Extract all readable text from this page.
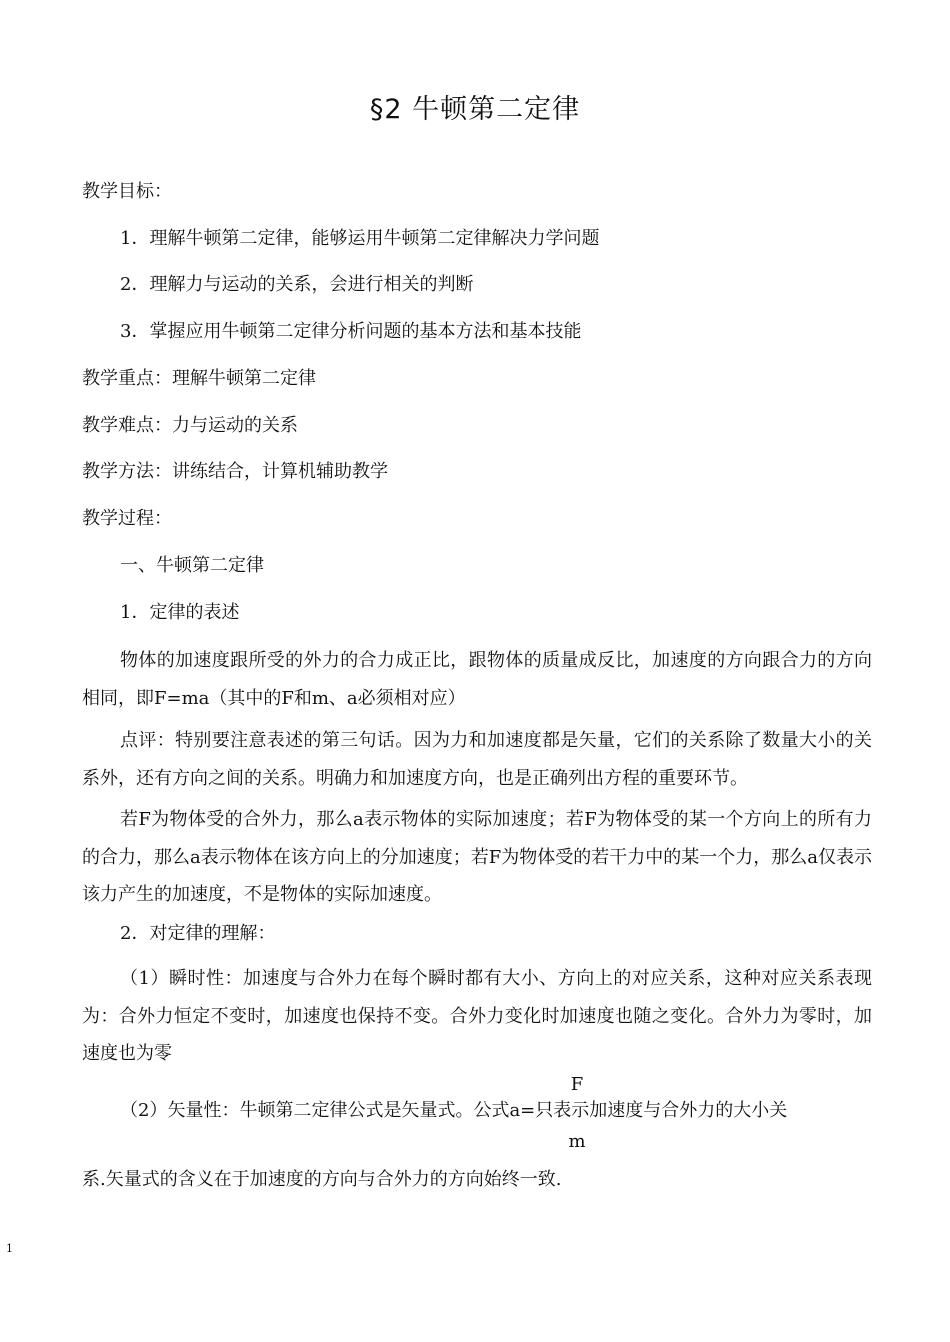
§2 牛顿第二定律
教学目标：
1．理解牛顿第二定律，能够运用牛顿第二定律解决力学问题
2．理解力与运动的关系，会进行相关的判断
3．掌握应用牛顿第二定律分析问题的基本方法和基本技能
教学重点：理解牛顿第二定律
教学难点：力与运动的关系
教学方法：讲练结合，计算机辅助教学
教学过程：
一、牛顿第二定律
1．定律的表述
物体的加速度跟所受的外力的合力成正比，跟物体的质量成反比，加速度的方向跟合力的方向相同，即F=ma（其中的F和m、a必须相对应）
点评：特别要注意表述的第三句话。因为力和加速度都是矢量，它们的关系除了数量大小的关系外，还有方向之间的关系。明确力和加速度方向，也是正确列出方程的重要环节。
若F为物体受的合外力，那么a表示物体的实际加速度；若F为物体受的某一个方向上的所有力的合力，那么a表示物体在该方向上的分加速度；若F为物体受的若干力中的某一个力，那么a仅表示该力产生的加速度，不是物体的实际加速度。
2．对定律的理解：
（1）瞬时性：加速度与合外力在每个瞬时都有大小、方向上的对应关系，这种对应关系表现为：合外力恒定不变时，加速度也保持不变。合外力变化时加速度也随之变化。合外力为零时，加速度也为零
F
（2）矢量性：牛顿第二定律公式是矢量式。公式a=只表示加速度与合外力的大小关
m
系.矢量式的含义在于加速度的方向与合外力的方向始终一致.
1
